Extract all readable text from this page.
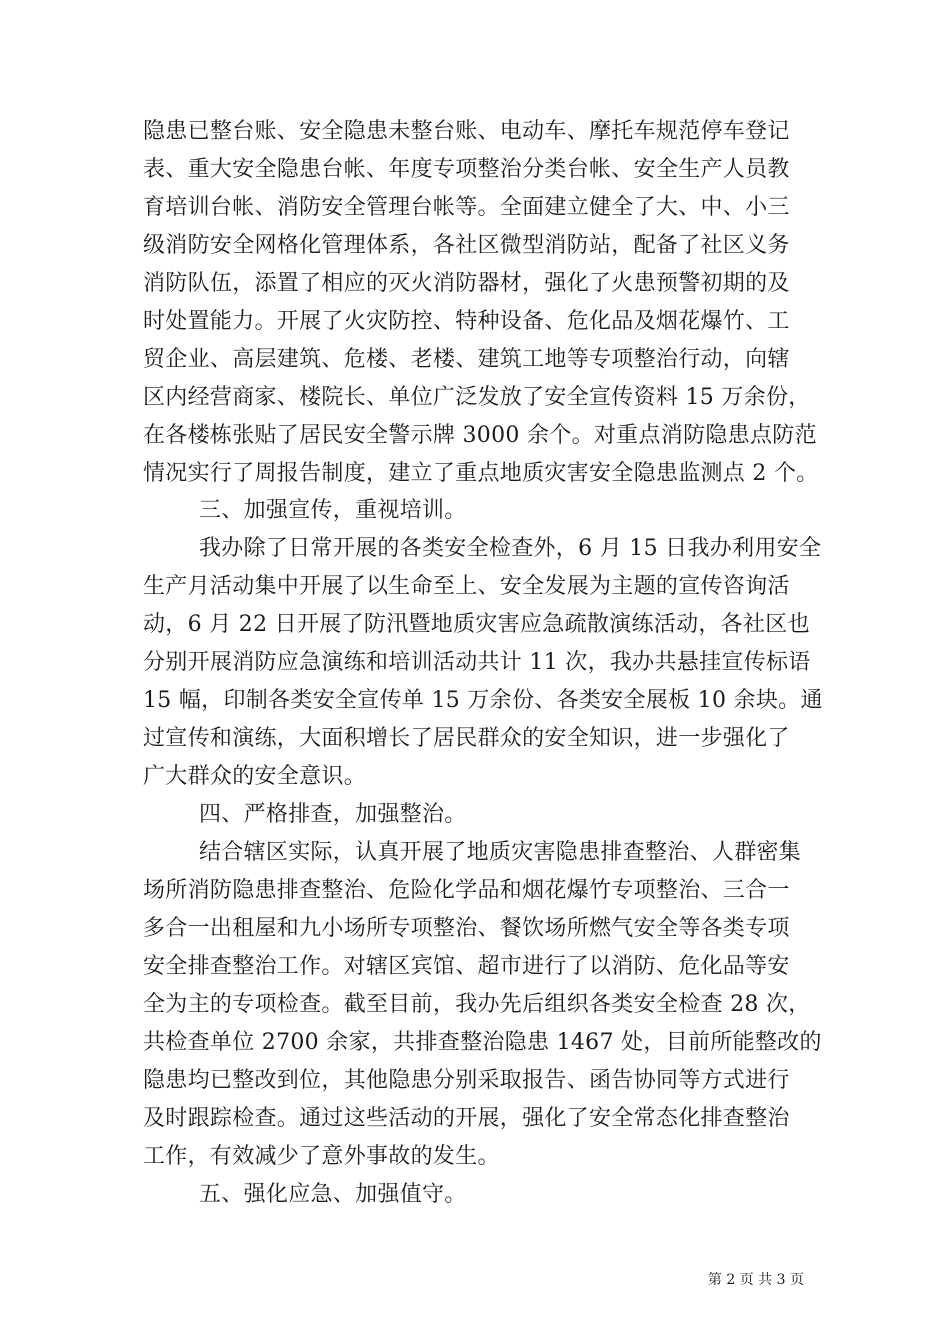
隐患已整台账、安全隐患未整台账、电动车、摩托车规范停车登记
表、重大安全隐患台帐、年度专项整治分类台帐、安全生产人员教
育培训台帐、消防安全管理台帐等。全面建立健全了大、中、小三
级消防安全网格化管理体系，各社区微型消防站，配备了社区义务
消防队伍，添置了相应的灭火消防器材，强化了火患预警初期的及
时处置能力。开展了火灾防控、特种设备、危化品及烟花爆竹、工
贸企业、高层建筑、危楼、老楼、建筑工地等专项整治行动，向辖
区内经营商家、楼院长、单位广泛发放了安全宣传资料 15 万余份，
在各楼栋张贴了居民安全警示牌 3000 余个。对重点消防隐患点防范
情况实行了周报告制度，建立了重点地质灾害安全隐患监测点 2 个。
三、加强宣传，重视培训。
我办除了日常开展的各类安全检查外，6 月 15 日我办利用安全
生产月活动集中开展了以生命至上、安全发展为主题的宣传咨询活
动，6 月 22 日开展了防汛暨地质灾害应急疏散演练活动，各社区也
分别开展消防应急演练和培训活动共计 11 次，我办共悬挂宣传标语
15 幅，印制各类安全宣传单 15 万余份、各类安全展板 10 余块。通
过宣传和演练，大面积增长了居民群众的安全知识，进一步强化了
广大群众的安全意识。
四、严格排查，加强整治。
结合辖区实际，认真开展了地质灾害隐患排查整治、人群密集
场所消防隐患排查整治、危险化学品和烟花爆竹专项整治、三合一
多合一出租屋和九小场所专项整治、餐饮场所燃气安全等各类专项
安全排查整治工作。对辖区宾馆、超市进行了以消防、危化品等安
全为主的专项检查。截至目前，我办先后组织各类安全检查 28 次，
共检查单位 2700 余家，共排查整治隐患 1467 处，目前所能整改的
隐患均已整改到位，其他隐患分别采取报告、函告协同等方式进行
及时跟踪检查。通过这些活动的开展，强化了安全常态化排查整治
工作，有效减少了意外事故的发生。
五、强化应急、加强值守。
第 2 页 共 3 页
